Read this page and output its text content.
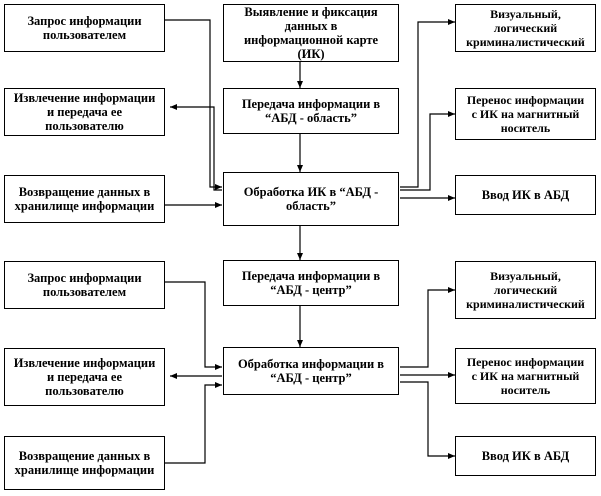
Запрос информации
пользователем
Выявление и фиксация
данных в
информационной карте
(ИК)
Визуальный,
логический
криминалистический
Извлечение информации
и передача ее
пользователю
Передача информации в
“АБД - область”
Перенос информации
с ИК на магнитный
носитель
Возвращение данных в
хранилище информации
Обработка ИК в “АБД -
область”
Ввод ИК в АБД
Запрос информации
пользователем
Передача информации в
“АБД - центр”
Визуальный,
логический
криминалистический
Извлечение информации
и передача ее
пользователю
Обработка информации в
“АБД - центр”
Перенос информации
с ИК на магнитный
носитель
Возвращение данных в
хранилище информации
Ввод ИК в АБД
